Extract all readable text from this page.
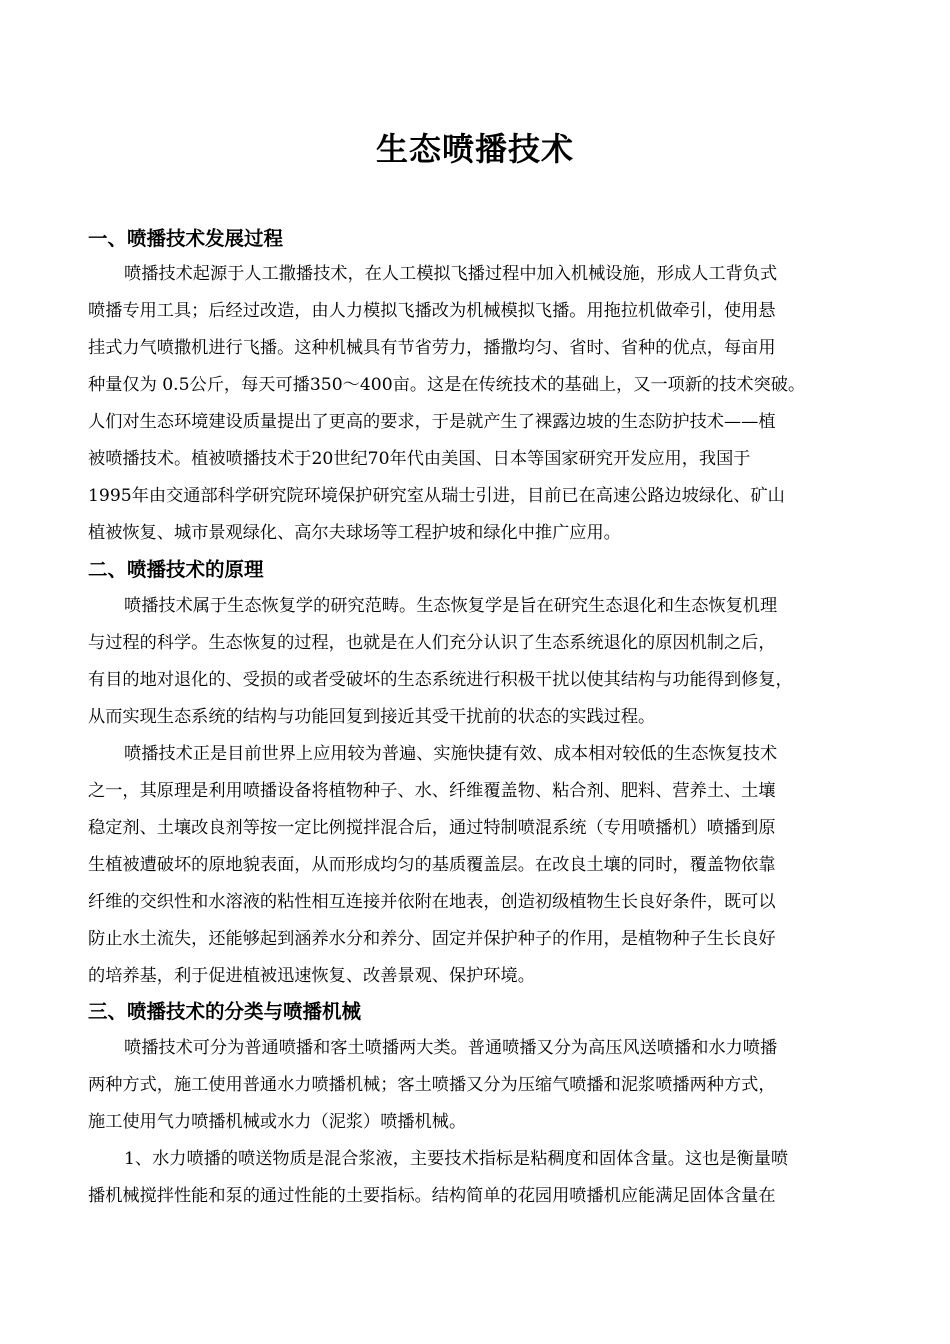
生态喷播技术
一、喷播技术发展过程
喷播技术起源于人工撒播技术，在人工模拟飞播过程中加入机械设施，形成人工背负式
喷播专用工具；后经过改造，由人力模拟飞播改为机械模拟飞播。用拖拉机做牵引，使用悬
挂式力气喷撒机进行飞播。这种机械具有节省劳力，播撒均匀、省时、省种的优点，每亩用
种量仅为 0.5公斤，每天可播350～400亩。这是在传统技术的基础上，又一项新的技术突破。
人们对生态环境建设质量提出了更高的要求，于是就产生了裸露边坡的生态防护技术——植
被喷播技术。植被喷播技术于20世纪70年代由美国、日本等国家研究开发应用，我国于
1995年由交通部科学研究院环境保护研究室从瑞士引进，目前已在高速公路边坡绿化、矿山
植被恢复、城市景观绿化、高尔夫球场等工程护坡和绿化中推广应用。
二、喷播技术的原理
喷播技术属于生态恢复学的研究范畴。生态恢复学是旨在研究生态退化和生态恢复机理
与过程的科学。生态恢复的过程，也就是在人们充分认识了生态系统退化的原因机制之后，
有目的地对退化的、受损的或者受破坏的生态系统进行积极干扰以使其结构与功能得到修复，
从而实现生态系统的结构与功能回复到接近其受干扰前的状态的实践过程。
喷播技术正是目前世界上应用较为普遍、实施快捷有效、成本相对较低的生态恢复技术
之一，其原理是利用喷播设备将植物种子、水、纤维覆盖物、粘合剂、肥料、营养土、土壤
稳定剂、土壤改良剂等按一定比例搅拌混合后，通过特制喷混系统（专用喷播机）喷播到原
生植被遭破坏的原地貌表面，从而形成均匀的基质覆盖层。在改良土壤的同时，覆盖物依靠
纤维的交织性和水溶液的粘性相互连接并依附在地表，创造初级植物生长良好条件，既可以
防止水土流失，还能够起到涵养水分和养分、固定并保护种子的作用，是植物种子生长良好
的培养基，利于促进植被迅速恢复、改善景观、保护环境。
三、喷播技术的分类与喷播机械
喷播技术可分为普通喷播和客土喷播两大类。普通喷播又分为高压风送喷播和水力喷播
两种方式，施工使用普通水力喷播机械；客土喷播又分为压缩气喷播和泥浆喷播两种方式，
施工使用气力喷播机械或水力（泥浆）喷播机械。
1、水力喷播的喷送物质是混合浆液，主要技术指标是粘稠度和固体含量。这也是衡量喷
播机械搅拌性能和泵的通过性能的土要指标。结构简单的花园用喷播机应能满足固体含量在
